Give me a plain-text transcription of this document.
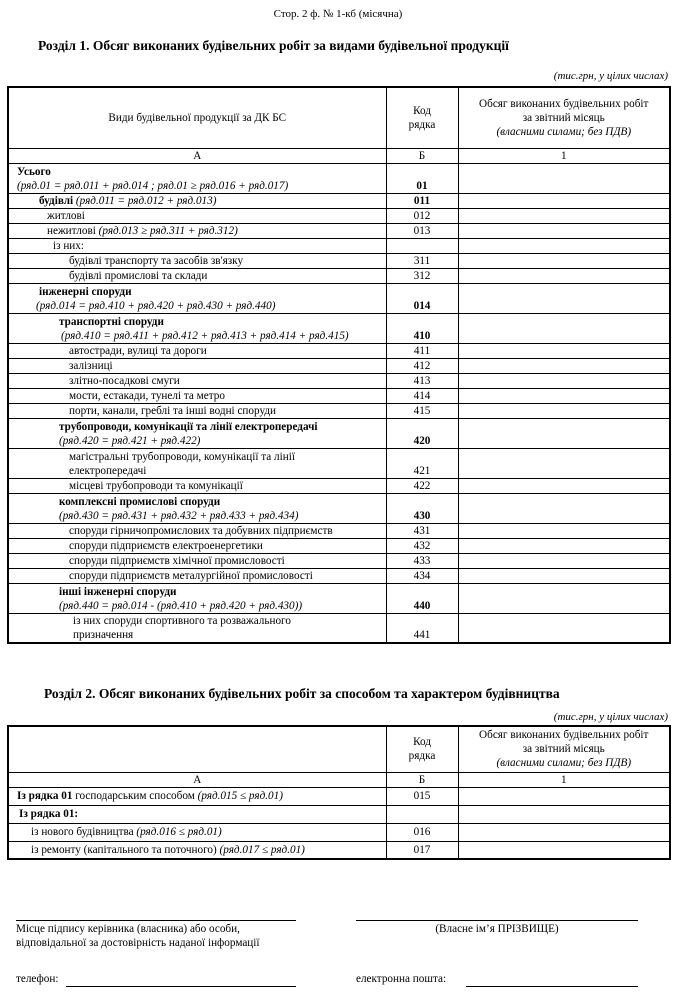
Стор. 2 ф. № 1-кб (місячна)
Розділ 1. Обсяг виконаних будівельних робіт за видами будівельної продукції
(тис.грн, у цілих числах)
Види будівельної продукції за ДК БС	Код
рядка	Обсяг виконаних будівельних робіт
за звітний місяць
(власними силами; без ПДВ)
А	Б	1
Усього
(ряд.01 = ряд.011 + ряд.014 ; ряд.01 ≥ ряд.016 + ряд.017)	01	
будівлі (ряд.011 = ряд.012 + ряд.013)	011	
житлові	012	
нежитлові (ряд.013 ≥ ряд.311 + ряд.312)	013	
із них:		
будівлі транспорту та засобів зв'язку	311	
будівлі промислові та склади	312	
інженерні споруди
(ряд.014 = ряд.410 + ряд.420 + ряд.430 + ряд.440)	014	
транспортні споруди
(ряд.410 = ряд.411 + ряд.412 + ряд.413 + ряд.414 + ряд.415)	410	
автостради, вулиці та дороги	411	
залізниці	412	
злітно-посадкові смуги	413	
мости, естакади, тунелі та метро	414	
порти, канали, греблі та інші водні споруди	415	
трубопроводи, комунікації та лінії електропередачі
(ряд.420 = ряд.421 + ряд.422)	420	
магістральні трубопроводи, комунікації та лінії
електропередачі	421	
місцеві трубопроводи та комунікації	422	
комплексні промислові споруди
(ряд.430 = ряд.431 + ряд.432 + ряд.433 + ряд.434)	430	
споруди гірничопромислових та добувних підприємств	431	
споруди підприємств електроенергетики	432	
споруди підприємств хімічної промисловості	433	
споруди підприємств металургійної промисловості	434	
інші інженерні споруди
(ряд.440 = ряд.014 - (ряд.410 + ряд.420 + ряд.430))	440	
із них споруди спортивного та розважального
призначення	441	
Розділ 2. Обсяг виконаних будівельних робіт за способом та характером будівництва
(тис.грн, у цілих числах)
	Код
рядка	Обсяг виконаних будівельних робіт
за звітний місяць
(власними силами; без ПДВ)
А	Б	1
Із рядка 01 господарським способом (ряд.015 ≤ ряд.01)	015	
Із рядка 01:		
із нового будівництва (ряд.016 ≤ ряд.01)	016	
із ремонту (капітального та поточного) (ряд.017 ≤ ряд.01)	017	
Місце підпису керівника (власника) або особи,
відповідальної за достовірність наданої інформації
(Власне ім’я ПРІЗВИЩЕ)
телефон:	електронна пошта:
